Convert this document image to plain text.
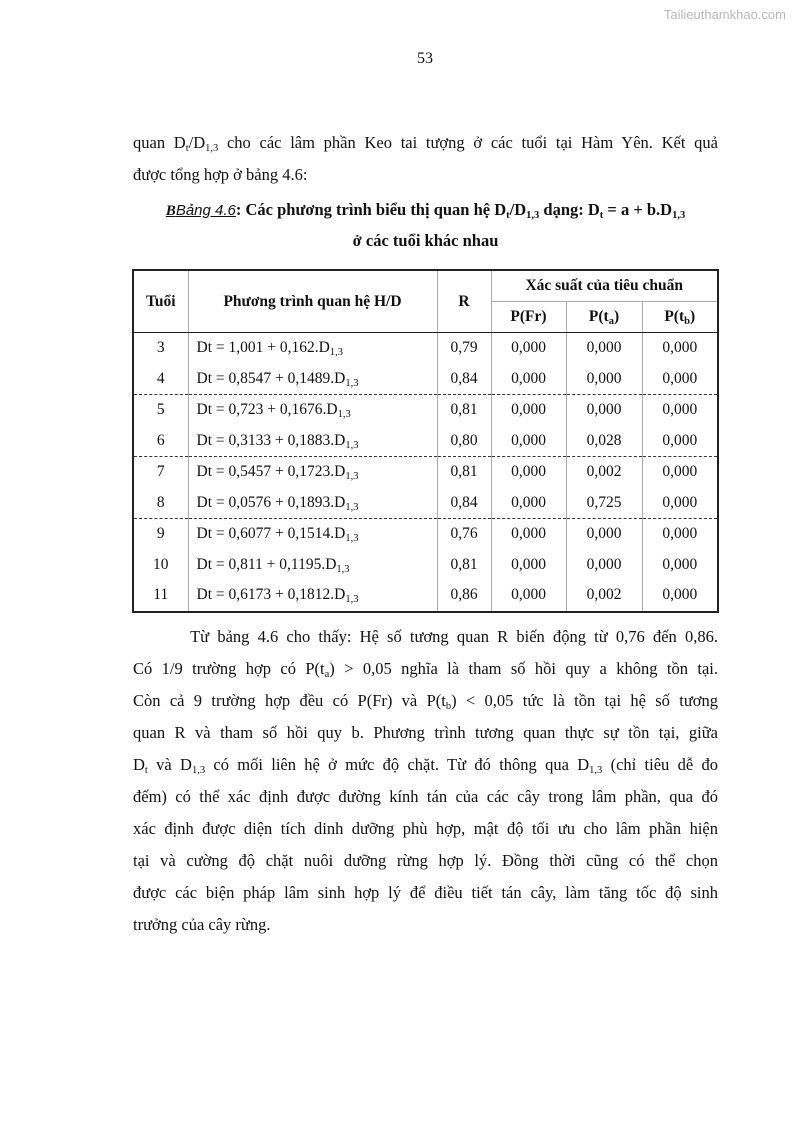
Tailieuthamkhao.com
53
quan $D_t/D_{1,3}$ cho các lâm phần Keo tai tượng ở các tuổi tại Hàm Yên. Kết quả
được tổng hợp ở bảng 4.6:
BBảng 4.6: Các phương trình biểu thị quan hệ $D_t/D_{1,3}$ dạng: $D_t = a + b.D_{1,3}$
ở các tuổi khác nhau
Tuổi	Phương trình quan hệ H/D	R	Xác suất của tiêu chuẩn		
			P(Fr)	$P(t_a)$	$P(t_b)$
3	$Dt = 1,001 + 0,162.D_{1,3}$	0,79	0,000	0,000	0,000
4	$Dt = 0,8547 + 0,1489.D_{1,3}$	0,84	0,000	0,000	0,000
5	$Dt = 0,723 + 0,1676.D_{1,3}$	0,81	0,000	0,000	0,000
6	$Dt = 0,3133 + 0,1883.D_{1,3}$	0,80	0,000	0,028	0,000
7	$Dt = 0,5457 + 0,1723.D_{1,3}$	0,81	0,000	0,002	0,000
8	$Dt = 0,0576 + 0,1893.D_{1,3}$	0,84	0,000	0,725	0,000
9	$Dt = 0,6077 + 0,1514.D_{1,3}$	0,76	0,000	0,000	0,000
10	$Dt = 0,811 + 0,1195.D_{1,3}$	0,81	0,000	0,000	0,000
11	$Dt = 0,6173 + 0,1812.D_{1,3}$	0,86	0,000	0,002	0,000
Từ bảng 4.6 cho thấy: Hệ số tương quan R biến động từ 0,76 đến 0,86.
Có 1/9 trường hợp có $P(t_a) > 0,05$ nghĩa là tham số hồi quy a không tồn tại.
Còn cả 9 trường hợp đều có P(Fr) và $P(t_b) < 0,05$ tức là tồn tại hệ số tương
quan R và tham số hồi quy b. Phương trình tương quan thực sự tồn tại, giữa
$D_t$ và $D_{1,3}$ có mối liên hệ ở mức độ chặt. Từ đó thông qua $D_{1,3}$ (chỉ tiêu dễ đo
đếm) có thể xác định được đường kính tán của các cây trong lâm phần, qua đó
xác định được diện tích dinh dưỡng phù hợp, mật độ tối ưu cho lâm phần hiện
tại và cường độ chặt nuôi dưỡng rừng hợp lý. Đồng thời cũng có thể chọn
được các biện pháp lâm sinh hợp lý để điều tiết tán cây, làm tăng tốc độ sinh
trưởng của cây rừng.
